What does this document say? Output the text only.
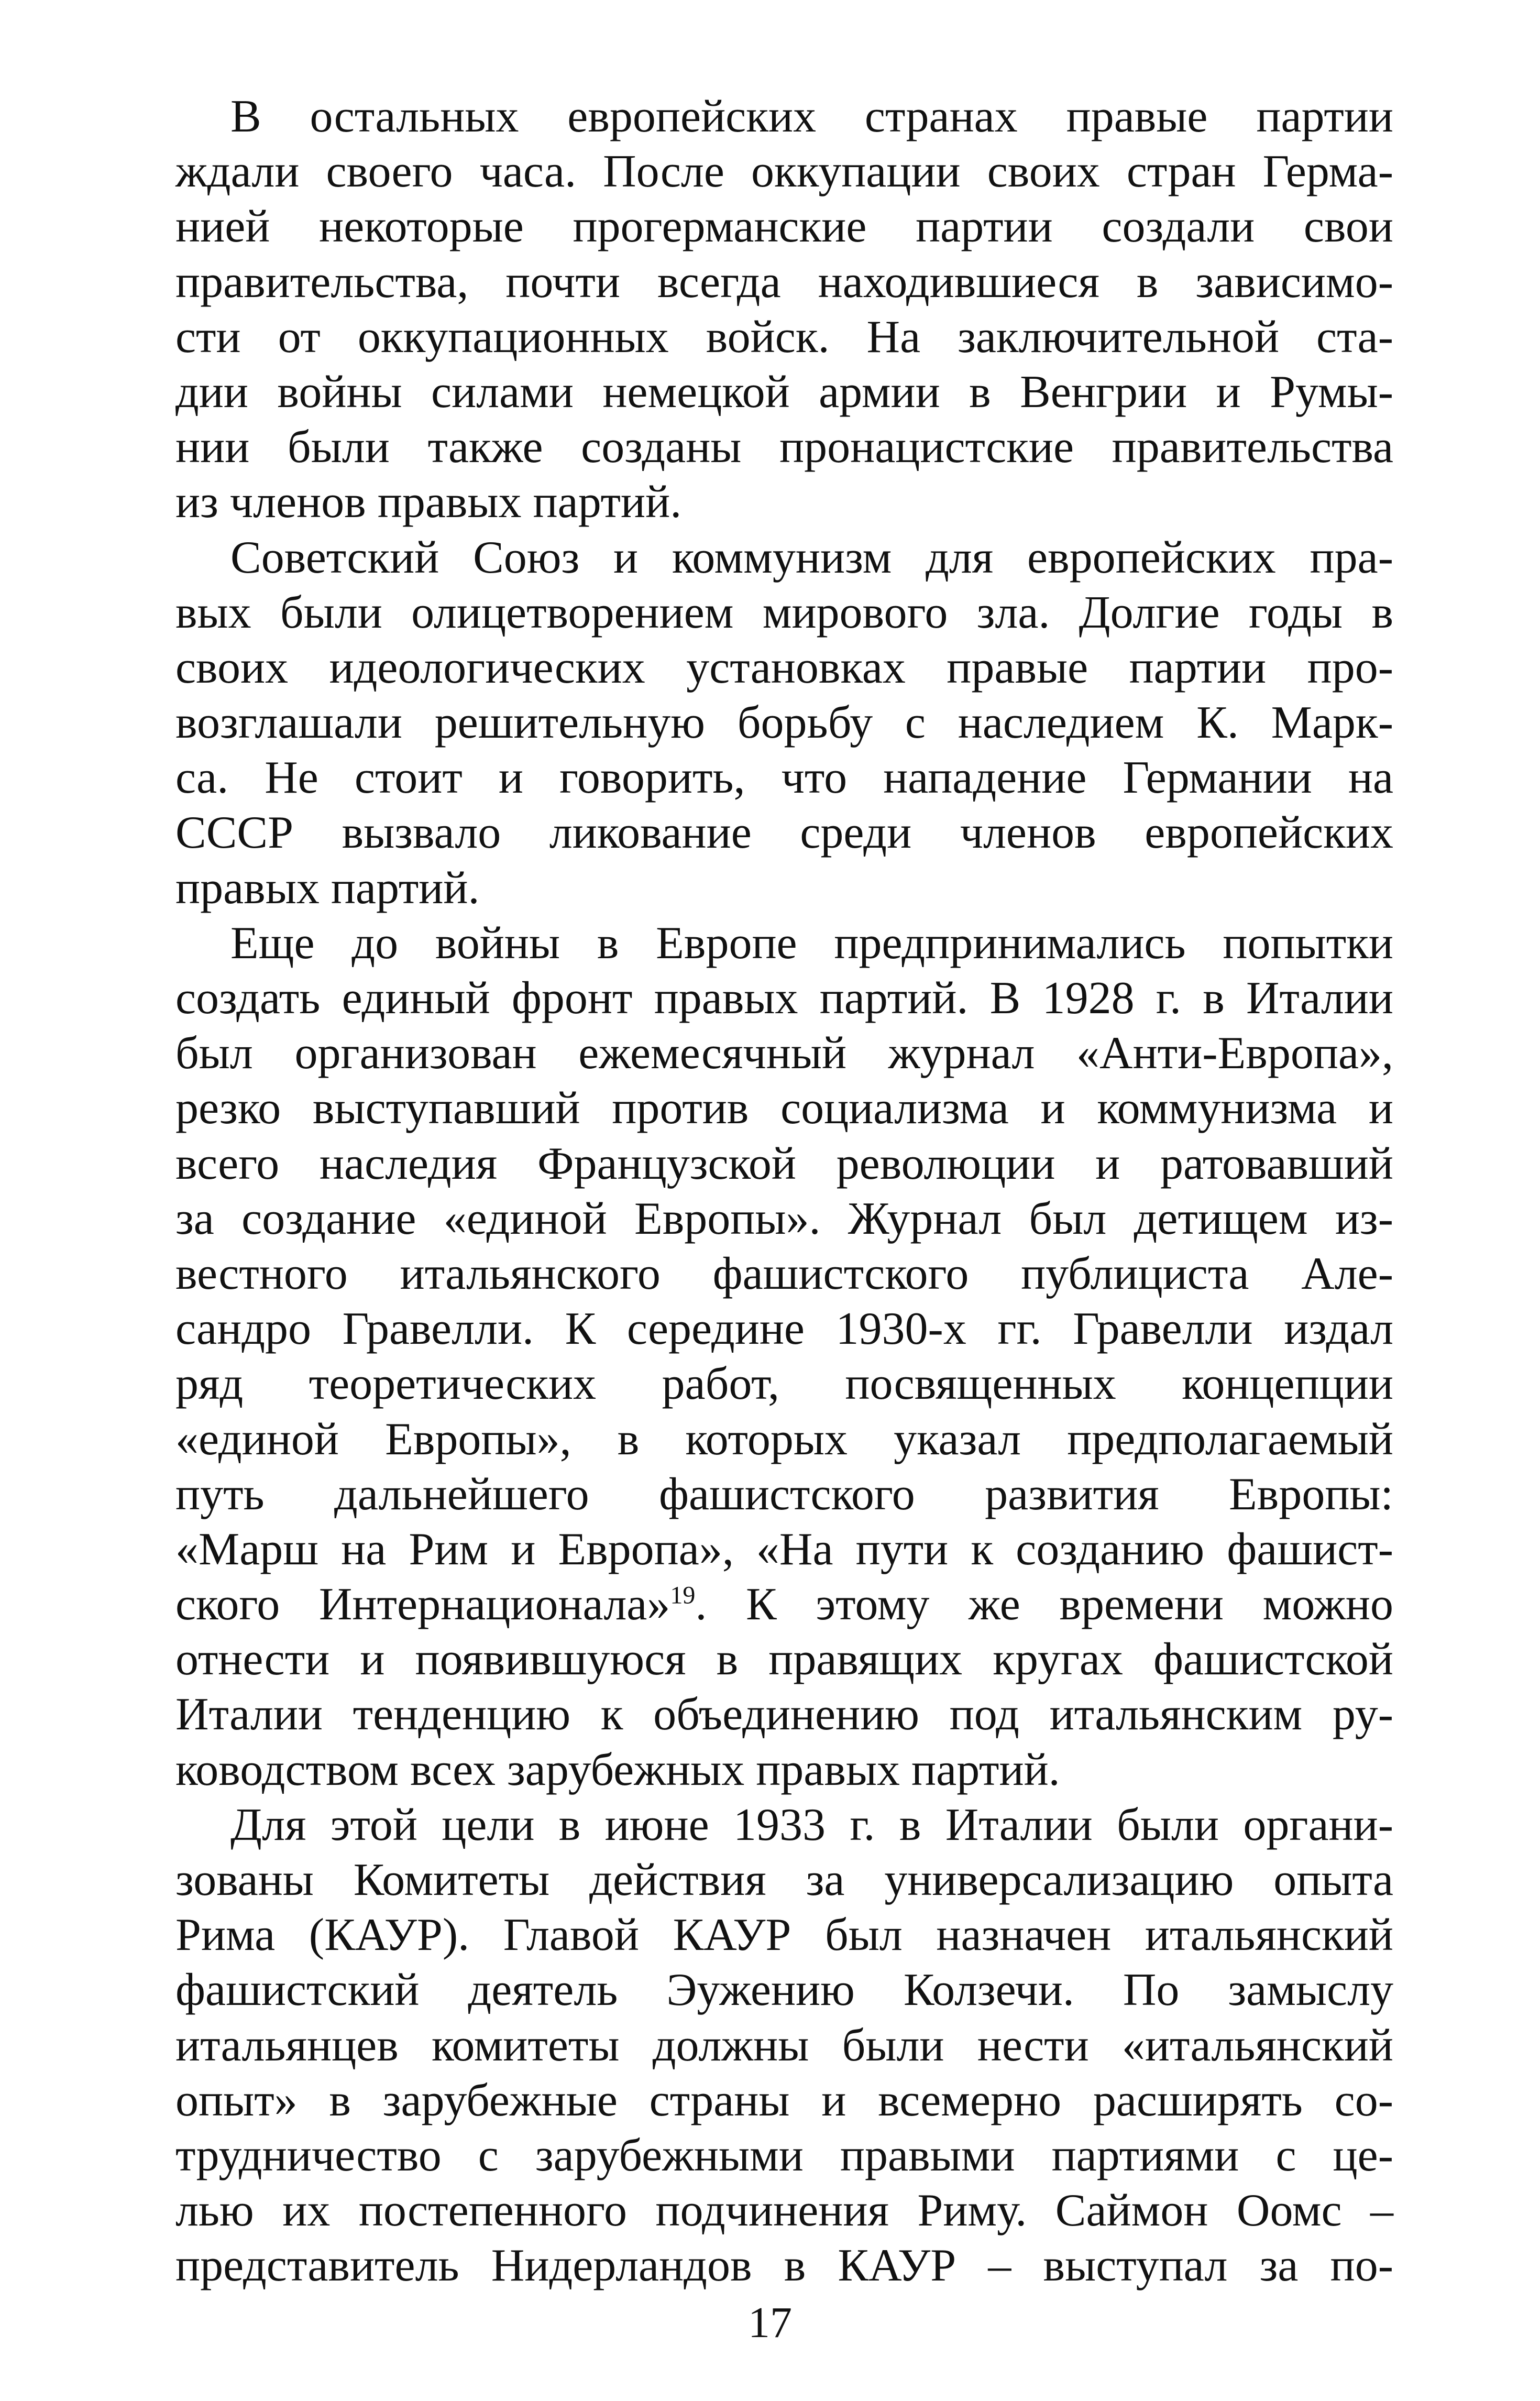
В остальных европейских странах правые партии
ждали своего часа. После оккупации своих стран Герма-
нией некоторые прогерманские партии создали свои
правительства, почти всегда находившиеся в зависимо-
сти от оккупационных войск. На заключительной ста-
дии войны силами немецкой армии в Венгрии и Румы-
нии были также созданы пронацистские правительства
из членов правых партий.
Советский Союз и коммунизм для европейских пра-
вых были олицетворением мирового зла. Долгие годы в
своих идеологических установках правые партии про-
возглашали решительную борьбу с наследием К. Марк-
са. Не стоит и говорить, что нападение Германии на
СССР вызвало ликование среди членов европейских
правых партий.
Еще до войны в Европе предпринимались попытки
создать единый фронт правых партий. В 1928 г. в Италии
был организован ежемесячный журнал «Анти-Европа»,
резко выступавший против социализма и коммунизма и
всего наследия Французской революции и ратовавший
за создание «единой Европы». Журнал был детищем из-
вестного итальянского фашистского публициста Але-
сандро Гравелли. К середине 1930-х гг. Гравелли издал
ряд теоретических работ, посвященных концепции
«единой Европы», в которых указал предполагаемый
путь дальнейшего фашистского развития Европы:
«Марш на Рим и Европа», «На пути к созданию фашист-
ского Интернационала»$^{19}$. К этому же времени можно
отнести и появившуюся в правящих кругах фашистской
Италии тенденцию к объединению под итальянским ру-
ководством всех зарубежных правых партий.
Для этой цели в июне 1933 г. в Италии были органи-
зованы Комитеты действия за универсализацию опыта
Рима (КАУР). Главой КАУР был назначен итальянский
фашистский деятель Эужению Колзечи. По замыслу
итальянцев комитеты должны были нести «итальянский
опыт» в зарубежные страны и всемерно расширять со-
трудничество с зарубежными правыми партиями с це-
лью их постепенного подчинения Риму. Саймон Оомс –
представитель Нидерландов в КАУР – выступал за по-
17
